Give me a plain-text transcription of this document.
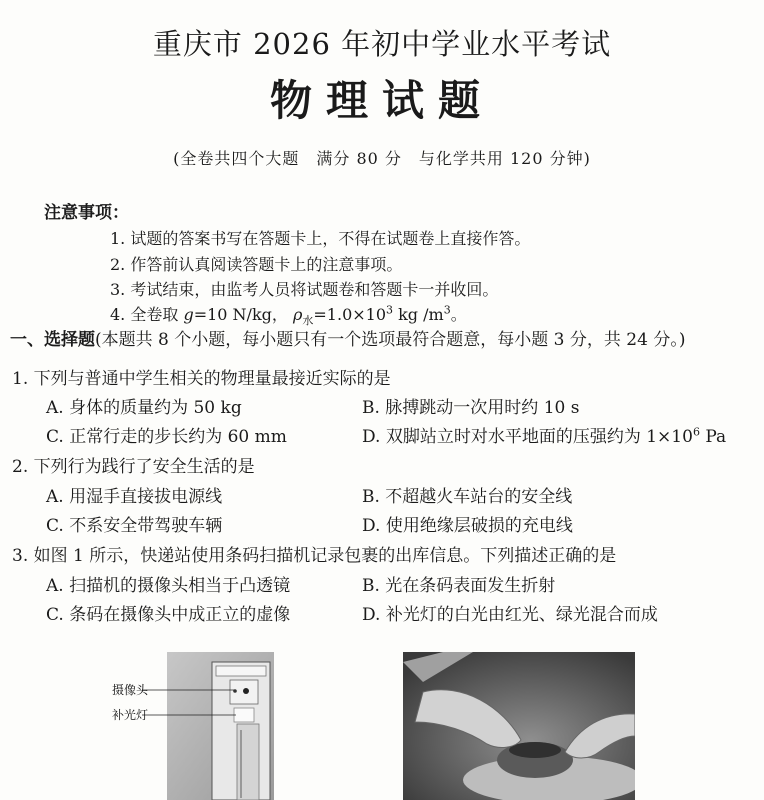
重庆市 2026 年初中学业水平考试
物理试题
(全卷共四个大题　满分 80 分　与化学共用 120 分钟)
注意事项：
1. 试题的答案书写在答题卡上，不得在试题卷上直接作答。
2. 作答前认真阅读答题卡上的注意事项。
3. 考试结束，由监考人员将试题卷和答题卡一并收回。
4. 全卷取 g=10 N/kg， $\rho_水=1.0\times 10^3$ kg $/m^3$。
一、选择题(本题共 8 个小题，每小题只有一个选项最符合题意，每小题 3 分，共 24 分。)
1. 下列与普通中学生相关的物理量最接近实际的是
A. 身体的质量约为 50 kg	B. 脉搏跳动一次用时约 10 s
C. 正常行走的步长约为 60 mm	D. 双脚站立时对水平地面的压强约为 $1\times 10^6$ Pa
2. 下列行为践行了安全生活的是
A. 用湿手直接拔电源线	B. 不超越火车站台的安全线
C. 不系安全带驾驶车辆	D. 使用绝缘层破损的充电线
3. 如图 1 所示，快递站使用条码扫描机记录包裹的出库信息。下列描述正确的是
A. 扫描机的摄像头相当于凸透镜	B. 光在条码表面发生折射
C. 条码在摄像头中成正立的虚像	D. 补光灯的白光由红光、绿光混合而成
摄像头
补光灯
